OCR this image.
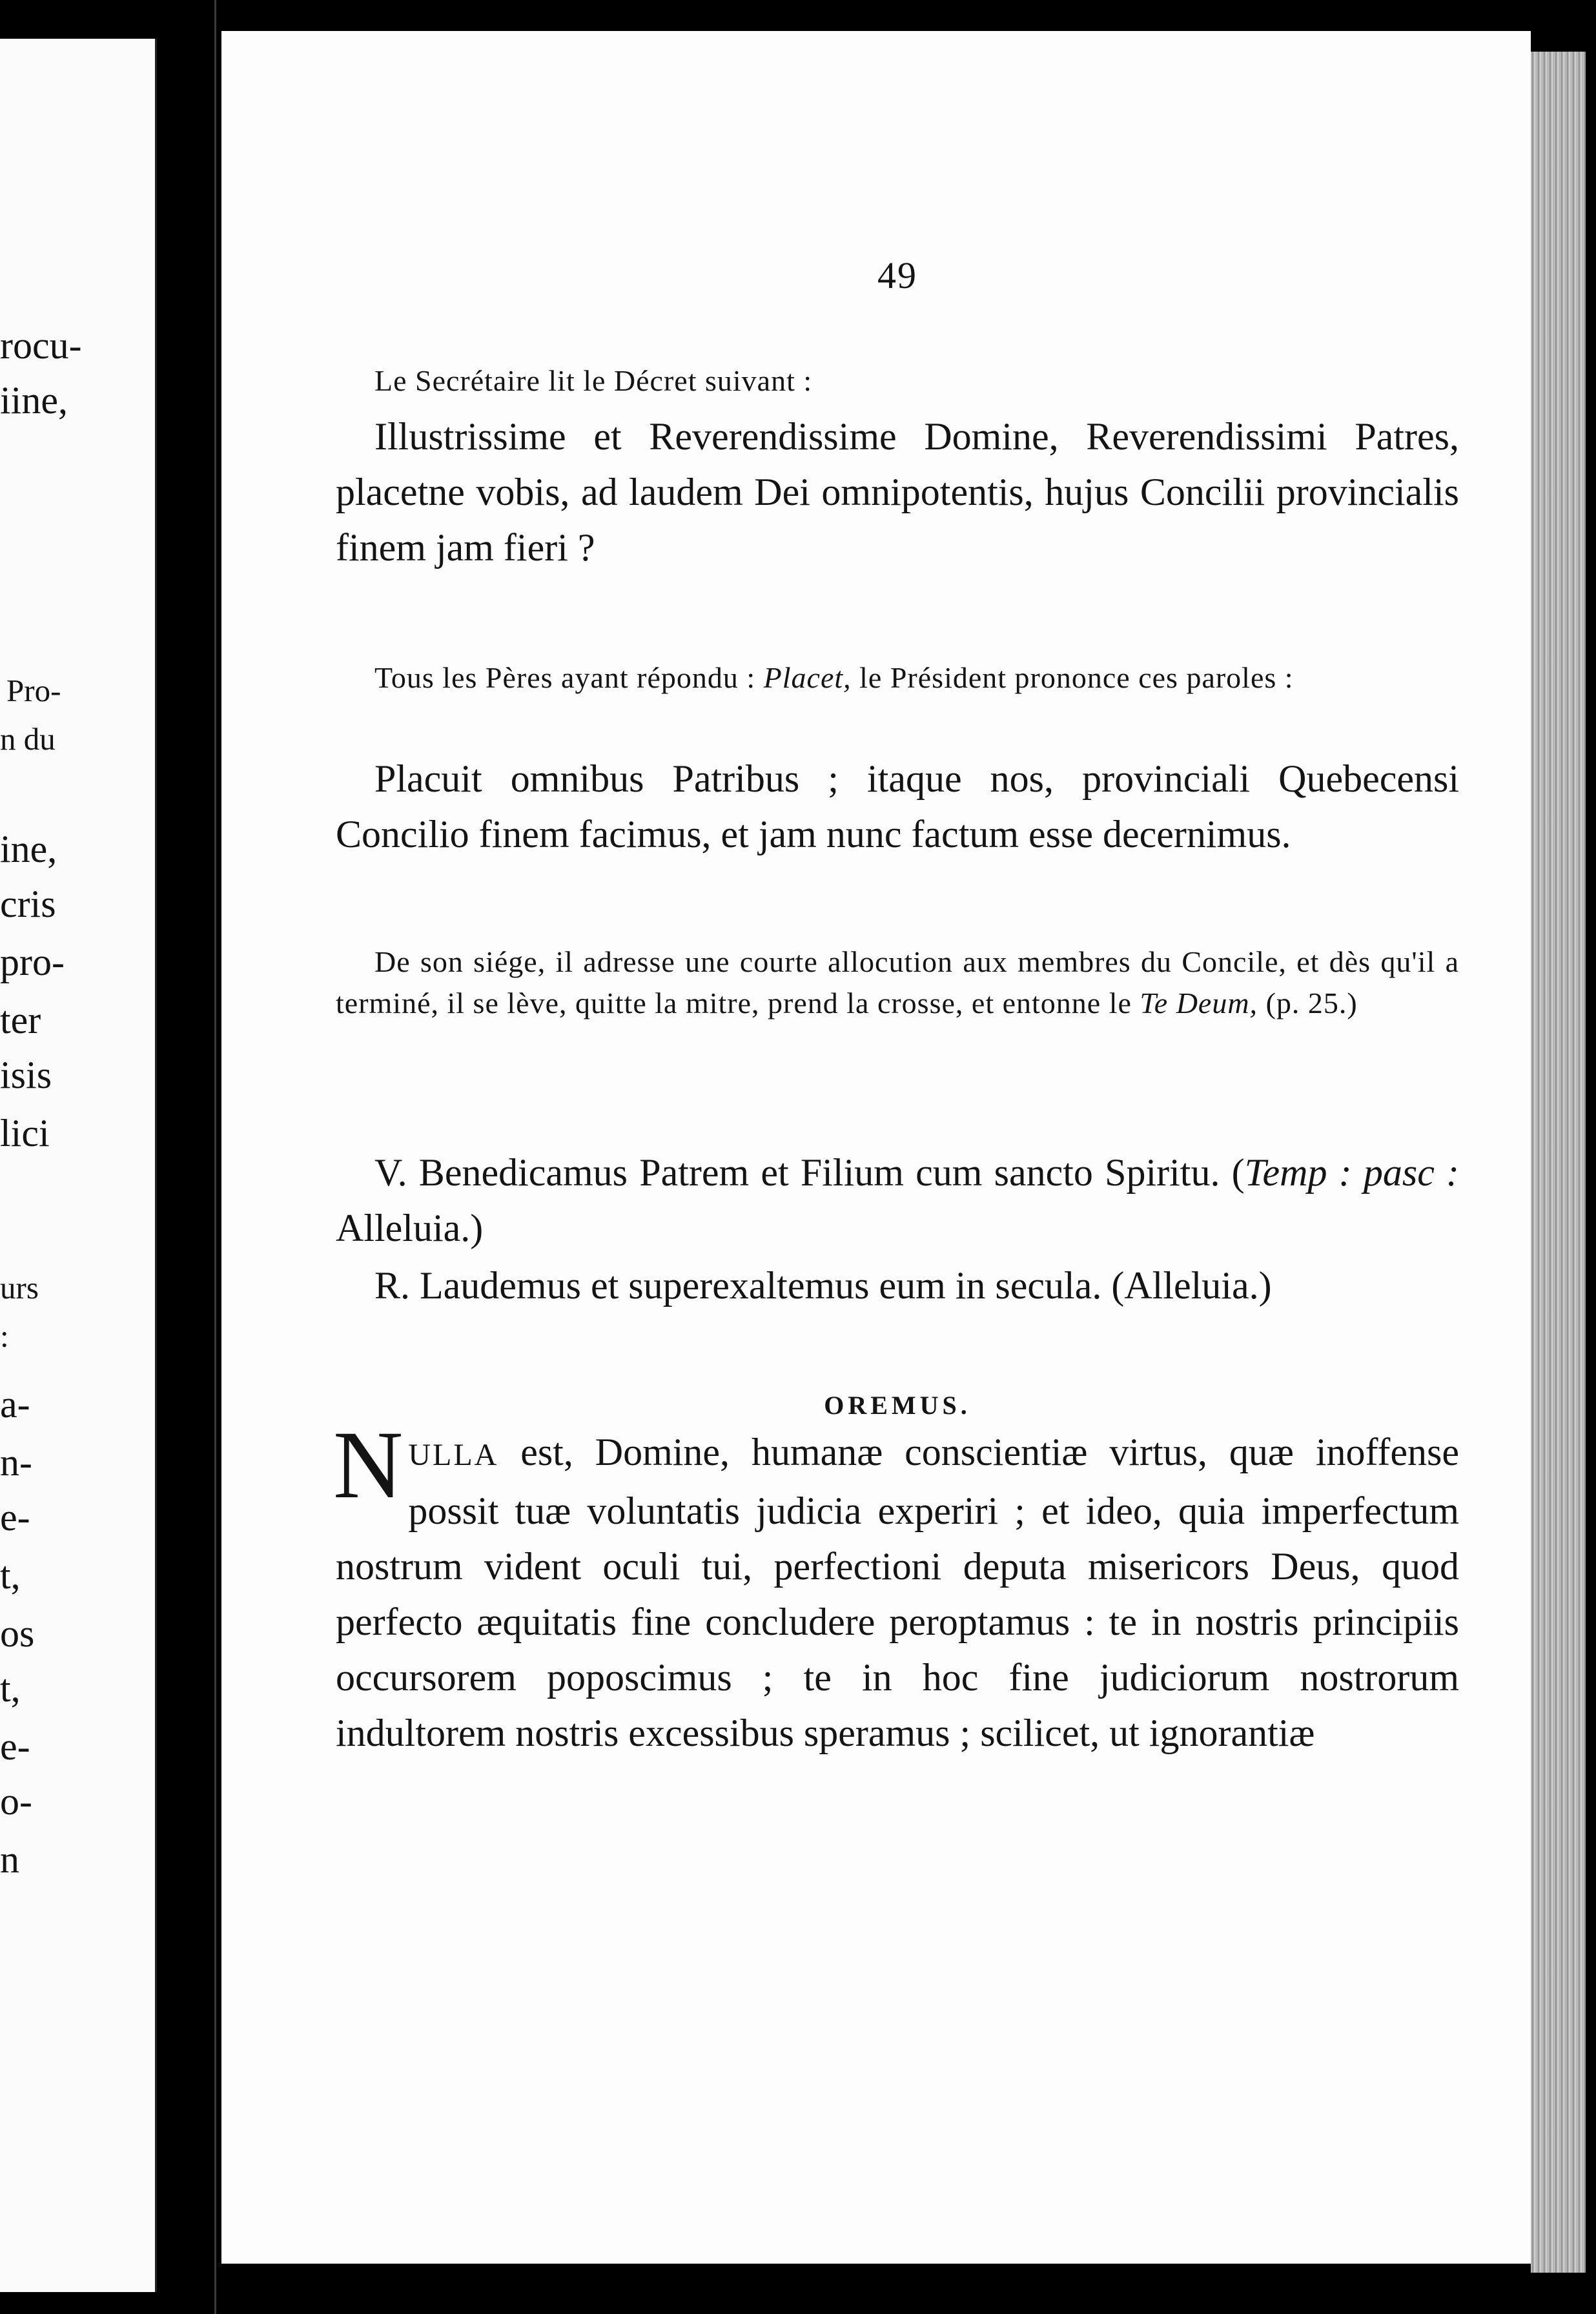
rocu-
iine,
Pro-
n du
ine,
cris
pro-
ter
isis
lici
urs
:
a-
n-
e-
t,
os
t,
e-
o-
n
49
Le Secrétaire lit le Décret suivant :
Illustrissime et Reverendissime Domine, Reverendissimi Patres, placetne vobis, ad laudem Dei omnipotentis, hujus Concilii provincialis finem jam fieri ?
Tous les Pères ayant répondu : Placet, le Président prononce ces paroles :
Placuit omnibus Patribus ; itaque nos, provinciali Quebecensi Concilio finem facimus, et jam nunc factum esse decernimus.
De son siége, il adresse une courte allocution aux membres du Concile, et dès qu'il a terminé, il se lève, quitte la mitre, prend la crosse, et entonne le Te Deum, (p. 25.)
V. Benedicamus Patrem et Filium cum sancto Spiritu. (Temp : pasc : Alleluia.)
R. Laudemus et superexaltemus eum in secula. (Alleluia.)
OREMUS.
NULLA est, Domine, humanæ conscientiæ virtus, quæ inoffense possit tuæ voluntatis judicia experiri ; et ideo, quia imperfectum nostrum vident oculi tui, perfectioni deputa misericors Deus, quod perfecto æquitatis fine concludere peroptamus : te in nostris principiis occursorem poposcimus ; te in hoc fine judiciorum nostrorum indultorem nostris excessibus speramus ; scilicet, ut ignorantiæ
